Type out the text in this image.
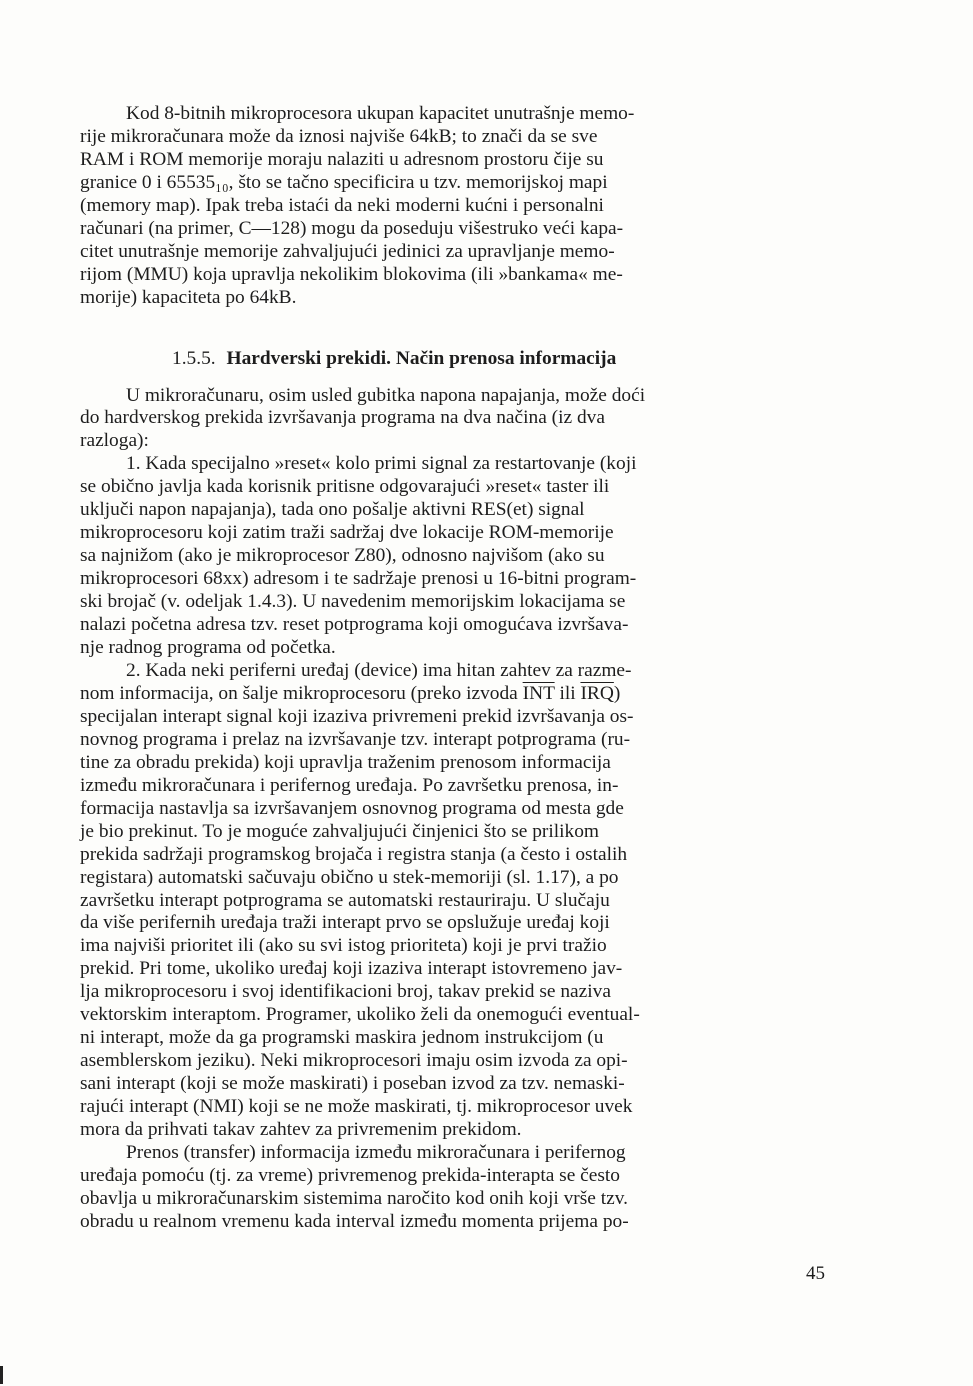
Kod 8-bitnih mikroprocesora ukupan kapacitet unutrašnje memo-
rije mikroračunara može da iznosi najviše 64kB; to znači da se sve
RAM i ROM memorije moraju nalaziti u adresnom prostoru čije su
granice 0 i 65535₁₀, što se tačno specificira u tzv. memorijskoj mapi
(memory map). Ipak treba istaći da neki moderni kućni i personalni
računari (na primer, C—128) mogu da poseduju višestruko veći kapa-
citet unutrašnje memorije zahvaljujući jedinici za upravljanje memo-
rijom (MMU) koja upravlja nekolikim blokovima (ili »bankama« me-
morije) kapaciteta po 64kB.

1.5.5. Hardverski prekidi. Način prenosa informacija

U mikroračunaru, osim usled gubitka napona napajanja, može doći
do hardverskog prekida izvršavanja programa na dva načina (iz dva
razloga):

1. Kada specijalno »reset« kolo primi signal za restartovanje (koji
se obično javlja kada korisnik pritisne odgovarajući »reset« taster ili
uključi napon napajanja), tada ono pošalje aktivni RES(et) signal
mikroprocesoru koji zatim traži sadržaj dve lokacije ROM-memorije
sa najnižom (ako je mikroprocesor Z80), odnosno najvišom (ako su
mikroprocesori 68xx) adresom i te sadržaje prenosi u 16-bitni program-
ski brojač (v. odeljak 1.4.3). U navedenim memorijskim lokacijama se
nalazi početna adresa tzv. reset potprograma koji omogućava izvršava-
nje radnog programa od početka.

2. Kada neki periferni uređaj (device) ima hitan zahtev za razme-
nom informacija, on šalje mikroprocesoru (preko izvoda $\overline{INT}$ ili $\overline{IRQ}$)
specijalan interapt signal koji izaziva privremeni prekid izvršavanja os-
novnog programa i prelaz na izvršavanje tzv. interapt potprograma (ru-
tine za obradu prekida) koji upravlja traženim prenosom informacija
između mikroračunara i perifernog uređaja. Po završetku prenosa, in-
formacija nastavlja sa izvršavanjem osnovnog programa od mesta gde
je bio prekinut. To je moguće zahvaljujući činjenici što se prilikom
prekida sadržaji programskog brojača i registra stanja (a često i ostalih
registara) automatski sačuvaju obično u stek-memoriji (sl. 1.17), a po
završetku interapt potprograma se automatski restauriraju. U slučaju
da više perifernih uređaja traži interapt prvo se opslužuje uređaj koji
ima najviši prioritet ili (ako su svi istog prioriteta) koji je prvi tražio
prekid. Pri tome, ukoliko uređaj koji izaziva interapt istovremeno jav-
lja mikroprocesoru i svoj identifikacioni broj, takav prekid se naziva
vektorskim interaptom. Programer, ukoliko želi da onemogući eventual-
ni interapt, može da ga programski maskira jednom instrukcijom (u
asemblerskom jeziku). Neki mikroprocesori imaju osim izvoda za opi-
sani interapt (koji se može maskirati) i poseban izvod za tzv. nemaski-
rajući interapt (NMI) koji se ne može maskirati, tj. mikroprocesor uvek
mora da prihvati takav zahtev za privremenim prekidom.

Prenos (transfer) informacija između mikroračunara i perifernog
uređaja pomoću (tj. za vreme) privremenog prekida-interapta se često
obavlja u mikroračunarskim sistemima naročito kod onih koji vrše tzv.
obradu u realnom vremenu kada interval između momenta prijema po-

45
